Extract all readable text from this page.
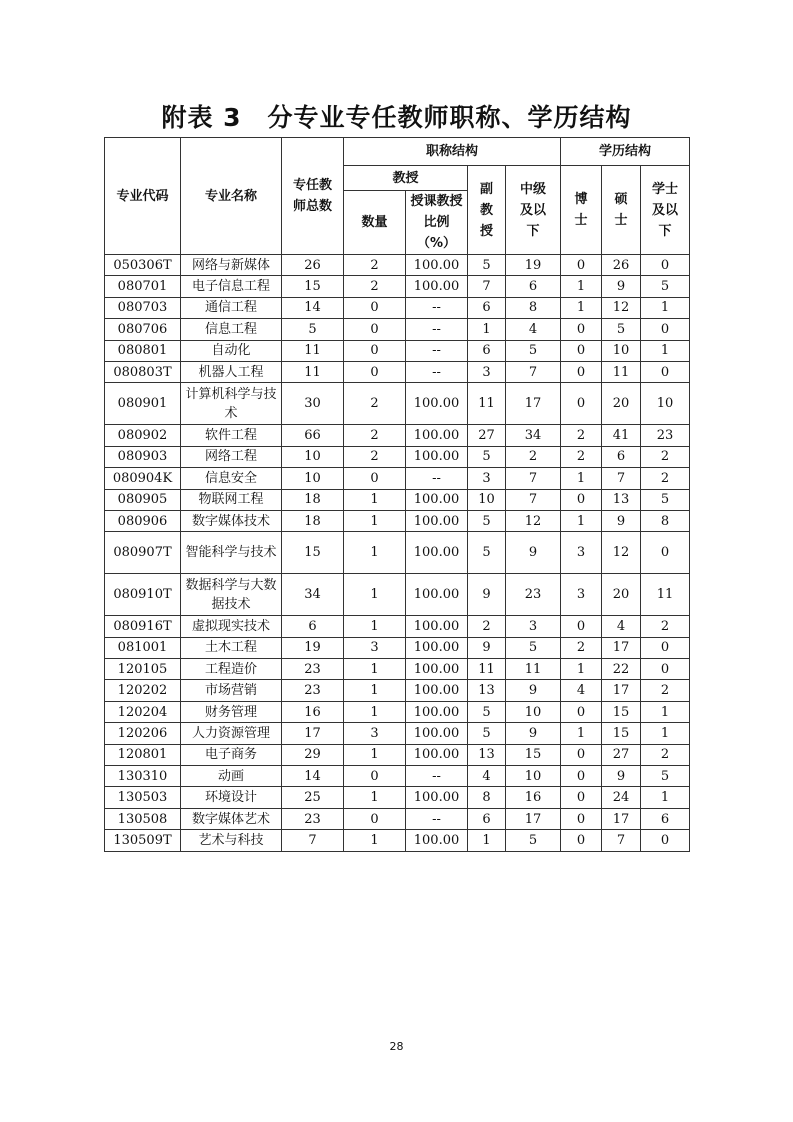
附表 3　分专业专任教师职称、学历结构
专业代码	专业名称	专任教师总数	职称结构				学历结构		
			教授		副教授	中级及以下	博士	硕士	学士及以下
			数量	授课教授比例（%）					
050306T	网络与新媒体	26	2	100.00	5	19	0	26	0
080701	电子信息工程	15	2	100.00	7	6	1	9	5
080703	通信工程	14	0	--	6	8	1	12	1
080706	信息工程	5	0	--	1	4	0	5	0
080801	自动化	11	0	--	6	5	0	10	1
080803T	机器人工程	11	0	--	3	7	0	11	0
080901	计算机科学与技术	30	2	100.00	11	17	0	20	10
080902	软件工程	66	2	100.00	27	34	2	41	23
080903	网络工程	10	2	100.00	5	2	2	6	2
080904K	信息安全	10	0	--	3	7	1	7	2
080905	物联网工程	18	1	100.00	10	7	0	13	5
080906	数字媒体技术	18	1	100.00	5	12	1	9	8
080907T	智能科学与技术	15	1	100.00	5	9	3	12	0
080910T	数据科学与大数据技术	34	1	100.00	9	23	3	20	11
080916T	虚拟现实技术	6	1	100.00	2	3	0	4	2
081001	土木工程	19	3	100.00	9	5	2	17	0
120105	工程造价	23	1	100.00	11	11	1	22	0
120202	市场营销	23	1	100.00	13	9	4	17	2
120204	财务管理	16	1	100.00	5	10	0	15	1
120206	人力资源管理	17	3	100.00	5	9	1	15	1
120801	电子商务	29	1	100.00	13	15	0	27	2
130310	动画	14	0	--	4	10	0	9	5
130503	环境设计	25	1	100.00	8	16	0	24	1
130508	数字媒体艺术	23	0	--	6	17	0	17	6
130509T	艺术与科技	7	1	100.00	1	5	0	7	0
28
